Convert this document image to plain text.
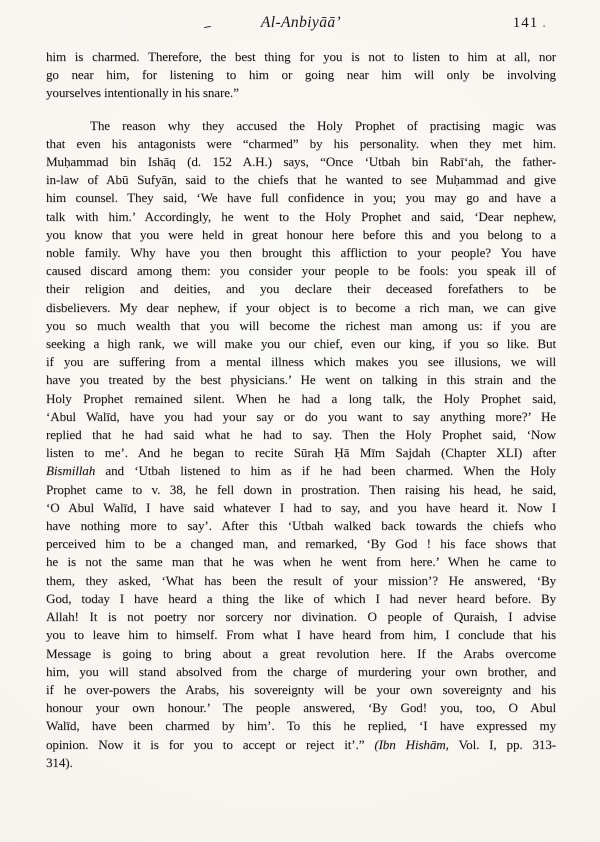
–	Al-Anbiyāā’	141 .
him is charmed. Therefore, the best thing for you is not to listen to him at all, nor
go near him, for listening to him or going near him will only be involving
yourselves intentionally in his snare.”
The reason why they accused the Holy Prophet of practising magic was
that even his antagonists were “charmed” by his personality. when they met him.
Muḥammad bin Ishāq (d. 152 A.H.) says, “Once ‘Utbah bin Rabī‘ah, the father-
in-law of Abū Sufyān, said to the chiefs that he wanted to see Muḥammad and give
him counsel. They said, ‘We have full confidence in you; you may go and have a
talk with him.’ Accordingly, he went to the Holy Prophet and said, ‘Dear nephew,
you know that you were held in great honour here before this and you belong to a
noble family. Why have you then brought this affliction to your people? You have
caused discard among them: you consider your people to be fools: you speak ill of
their religion and deities, and you declare their deceased forefathers to be
disbelievers. My dear nephew, if your object is to become a rich man, we can give
you so much wealth that you will become the richest man among us: if you are
seeking a high rank, we will make you our chief, even our king, if you so like. But
if you are suffering from a mental illness which makes you see illusions, we will
have you treated by the best physicians.’ He went on talking in this strain and the
Holy Prophet remained silent. When he had a long talk, the Holy Prophet said,
‘Abul Walīd, have you had your say or do you want to say anything more?’ He
replied that he had said what he had to say. Then the Holy Prophet said, ‘Now
listen to me’. And he began to recite Sūrah Ḥā Mīm Sajdah (Chapter XLI) after
Bismillah and ‘Utbah listened to him as if he had been charmed. When the Holy
Prophet came to v. 38, he fell down in prostration. Then raising his head, he said,
‘O Abul Walīd, I have said whatever I had to say, and you have heard it. Now I
have nothing more to say’. After this ‘Utbah walked back towards the chiefs who
perceived him to be a changed man, and remarked, ‘By God ! his face shows that
he is not the same man that he was when he went from here.’ When he came to
them, they asked, ‘What has been the result of your mission’? He answered, ‘By
God, today I have heard a thing the like of which I had never heard before. By
Allah! It is not poetry nor sorcery nor divination. O people of Quraish, I advise
you to leave him to himself. From what I have heard from him, I conclude that his
Message is going to bring about a great revolution here. If the Arabs overcome
him, you will stand absolved from the charge of murdering your own brother, and
if he over-powers the Arabs, his sovereignty will be your own sovereignty and his
honour your own honour.’ The people answered, ‘By God! you, too, O Abul
Walīd, have been charmed by him’. To this he replied, ‘I have expressed my
opinion. Now it is for you to accept or reject it’.” (Ibn Hishām, Vol. I, pp. 313-
314).
